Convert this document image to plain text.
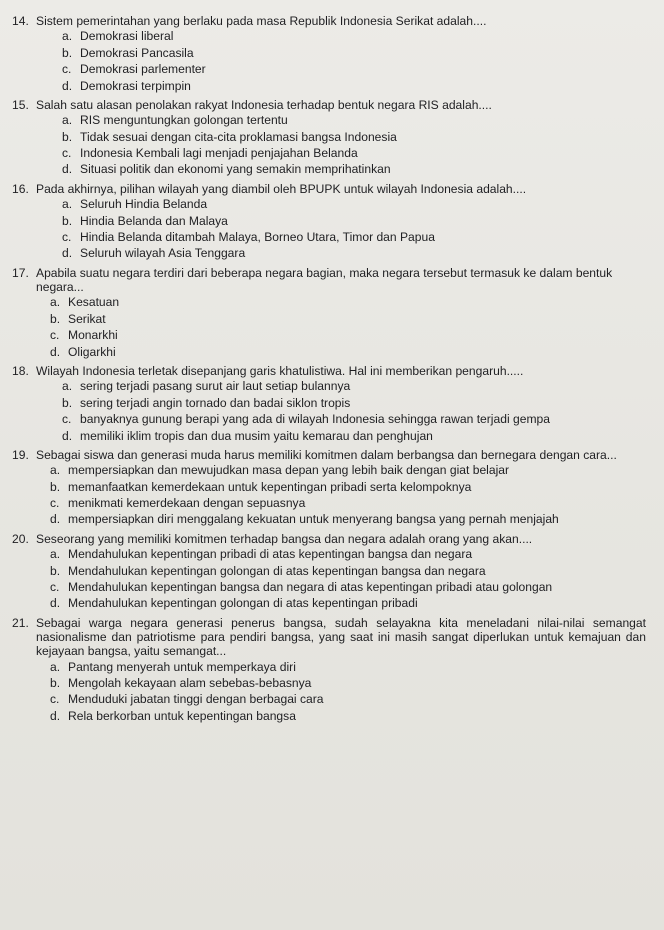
14. Sistem pemerintahan yang berlaku pada masa Republik Indonesia Serikat adalah....
a. Demokrasi liberal
b. Demokrasi Pancasila
c. Demokrasi parlementer
d. Demokrasi terpimpin
15. Salah satu alasan penolakan rakyat Indonesia terhadap bentuk negara RIS adalah....
a. RIS menguntungkan golongan tertentu
b. Tidak sesuai dengan cita-cita proklamasi bangsa Indonesia
c. Indonesia Kembali lagi menjadi penjajahan Belanda
d. Situasi politik dan ekonomi yang semakin memprihatinkan
16. Pada akhirnya, pilihan wilayah yang diambil oleh BPUPK untuk wilayah Indonesia adalah....
a. Seluruh Hindia Belanda
b. Hindia Belanda dan Malaya
c. Hindia Belanda ditambah Malaya, Borneo Utara, Timor dan Papua
d. Seluruh wilayah Asia Tenggara
17. Apabila suatu negara terdiri dari beberapa negara bagian, maka negara tersebut termasuk ke dalam bentuk negara...
a. Kesatuan
b. Serikat
c. Monarkhi
d. Oligarkhi
18. Wilayah Indonesia terletak disepanjang garis khatulistiwa. Hal ini memberikan pengaruh.....
a. sering terjadi pasang surut air laut setiap bulannya
b. sering terjadi angin tornado dan badai siklon tropis
c. banyaknya gunung berapi yang ada di wilayah Indonesia sehingga rawan terjadi gempa
d. memiliki iklim tropis dan dua musim yaitu kemarau dan penghujan
19. Sebagai siswa dan generasi muda harus memiliki komitmen dalam berbangsa dan bernegara dengan cara...
a. mempersiapkan dan mewujudkan masa depan yang lebih baik dengan giat belajar
b. memanfaatkan kemerdekaan untuk kepentingan pribadi serta kelompoknya
c. menikmati kemerdekaan dengan sepuasnya
d. mempersiapkan diri menggalang kekuatan untuk menyerang bangsa yang pernah menjajah
20. Seseorang yang memiliki komitmen terhadap bangsa dan negara adalah orang yang akan....
a. Mendahulukan kepentingan pribadi di atas kepentingan bangsa dan negara
b. Mendahulukan kepentingan golongan di atas kepentingan bangsa dan negara
c. Mendahulukan kepentingan bangsa dan negara di atas kepentingan pribadi atau golongan
d. Mendahulukan kepentingan golongan di atas kepentingan pribadi
21. Sebagai warga negara generasi penerus bangsa, sudah selayakna kita meneladani nilai-nilai semangat nasionalisme dan patriotisme para pendiri bangsa, yang saat ini masih sangat diperlukan untuk kemajuan dan kejayaan bangsa, yaitu semangat...
a. Pantang menyerah untuk memperkaya diri
b. Mengolah kekayaan alam sebebas-bebasnya
c. Menduduki jabatan tinggi dengan berbagai cara
d. Rela berkorban untuk kepentingan bangsa
